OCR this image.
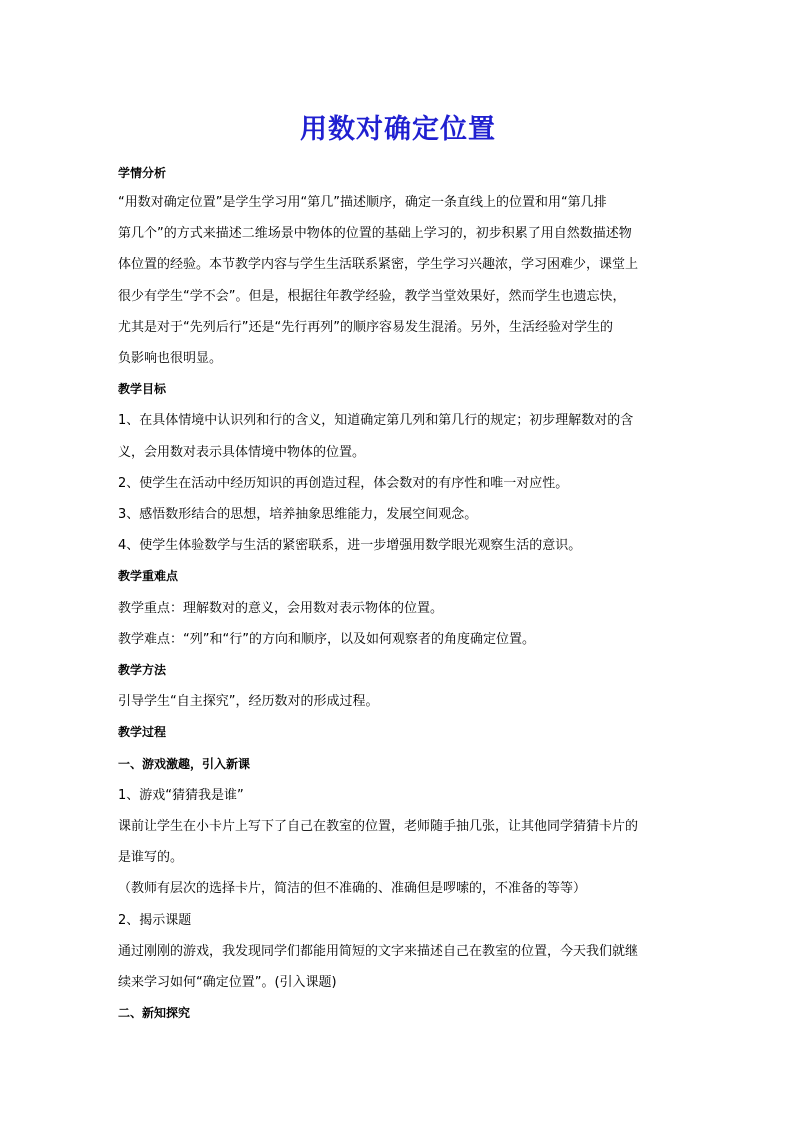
用数对确定位置
学情分析
“用数对确定位置”是学生学习用“第几”描述顺序，确定一条直线上的位置和用“第几排
第几个”的方式来描述二维场景中物体的位置的基础上学习的，初步积累了用自然数描述物
体位置的经验。本节教学内容与学生生活联系紧密，学生学习兴趣浓，学习困难少，课堂上
很少有学生“学不会”。但是，根据往年教学经验，教学当堂效果好，然而学生也遗忘快，
尤其是对于“先列后行”还是“先行再列”的顺序容易发生混淆。另外，生活经验对学生的
负影响也很明显。
教学目标
1、在具体情境中认识列和行的含义，知道确定第几列和第几行的规定；初步理解数对的含
义，会用数对表示具体情境中物体的位置。
2、使学生在活动中经历知识的再创造过程，体会数对的有序性和唯一对应性。
3、感悟数形结合的思想，培养抽象思维能力，发展空间观念。
4、使学生体验数学与生活的紧密联系，进一步增强用数学眼光观察生活的意识。
教学重难点
教学重点：理解数对的意义，会用数对表示物体的位置。
教学难点：“列”和“行”的方向和顺序，以及如何观察者的角度确定位置。
教学方法
引导学生“自主探究”，经历数对的形成过程。
教学过程
一、游戏激趣，引入新课
1、游戏“猜猜我是谁”
课前让学生在小卡片上写下了自己在教室的位置，老师随手抽几张，让其他同学猜猜卡片的
是谁写的。
（教师有层次的选择卡片，简洁的但不准确的、准确但是啰嗦的，不准备的等等）
2、揭示课题
通过刚刚的游戏，我发现同学们都能用简短的文字来描述自己在教室的位置，今天我们就继
续来学习如何“确定位置”。(引入课题)
二、新知探究
